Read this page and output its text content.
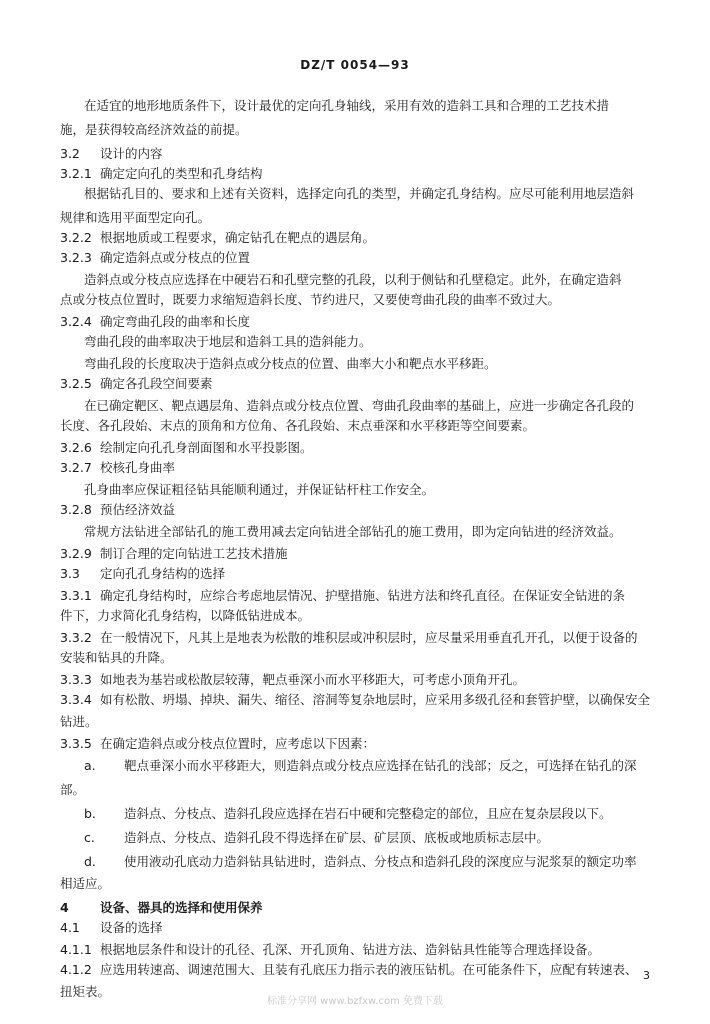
DZ/T 0054—93
在适宜的地形地质条件下，设计最优的定向孔身轴线，采用有效的造斜工具和合理的工艺技术措
施，是获得较高经济效益的前提。
3.2 设计的内容
3.2.1 确定定向孔的类型和孔身结构
根据钻孔目的、要求和上述有关资料，选择定向孔的类型，并确定孔身结构。应尽可能利用地层造斜
规律和选用平面型定向孔。
3.2.2 根据地质或工程要求，确定钻孔在靶点的遇层角。
3.2.3 确定造斜点或分枝点的位置
造斜点或分枝点应选择在中硬岩石和孔壁完整的孔段，以利于侧钻和孔壁稳定。此外，在确定造斜
点或分枝点位置时，既要力求缩短造斜长度、节约进尺，又要使弯曲孔段的曲率不致过大。
3.2.4 确定弯曲孔段的曲率和长度
弯曲孔段的曲率取决于地层和造斜工具的造斜能力。
弯曲孔段的长度取决于造斜点或分枝点的位置、曲率大小和靶点水平移距。
3.2.5 确定各孔段空间要素
在已确定靶区、靶点遇层角、造斜点或分枝点位置、弯曲孔段曲率的基础上，应进一步确定各孔段的
长度、各孔段始、末点的顶角和方位角、各孔段始、末点垂深和水平移距等空间要素。
3.2.6 绘制定向孔孔身剖面图和水平投影图。
3.2.7 校核孔身曲率
孔身曲率应保证粗径钻具能顺利通过，并保证钻杆柱工作安全。
3.2.8 预估经济效益
常规方法钻进全部钻孔的施工费用减去定向钻进全部钻孔的施工费用，即为定向钻进的经济效益。
3.2.9 制订合理的定向钻进工艺技术措施
3.3 定向孔孔身结构的选择
3.3.1 确定孔身结构时，应综合考虑地层情况、护壁措施、钻进方法和终孔直径。在保证安全钻进的条
件下，力求简化孔身结构，以降低钻进成本。
3.3.2 在一般情况下，凡其上是地表为松散的堆积层或冲积层时，应尽量采用垂直孔开孔，以便于设备的
安装和钻具的升降。
3.3.3 如地表为基岩或松散层较薄，靶点垂深小而水平移距大，可考虑小顶角开孔。
3.3.4 如有松散、坍塌、掉块、漏失、缩径、溶洞等复杂地层时，应采用多级孔径和套管护壁，以确保安全
钻进。
3.3.5 在确定造斜点或分枝点位置时，应考虑以下因素：
a. 靶点垂深小而水平移距大，则造斜点或分枝点应选择在钻孔的浅部；反之，可选择在钻孔的深
部。
b. 造斜点、分枝点、造斜孔段应选择在岩石中硬和完整稳定的部位，且应在复杂层段以下。
c. 造斜点、分枝点、造斜孔段不得选择在矿层、矿层顶、底板或地质标志层中。
d. 使用液动孔底动力造斜钻具钻进时，造斜点、分枝点和造斜孔段的深度应与泥浆泵的额定功率
相适应。
4	设备、器具的选择和使用保养
4.1 设备的选择
4.1.1 根据地层条件和设计的孔径、孔深、开孔顶角、钻进方法、造斜钻具性能等合理选择设备。
4.1.2 应选用转速高、调速范围大、且装有孔底压力指示表的液压钻机。在可能条件下，应配有转速表、
扭矩表。
3
标准分享网 www.bzfxw.com 免费下载
